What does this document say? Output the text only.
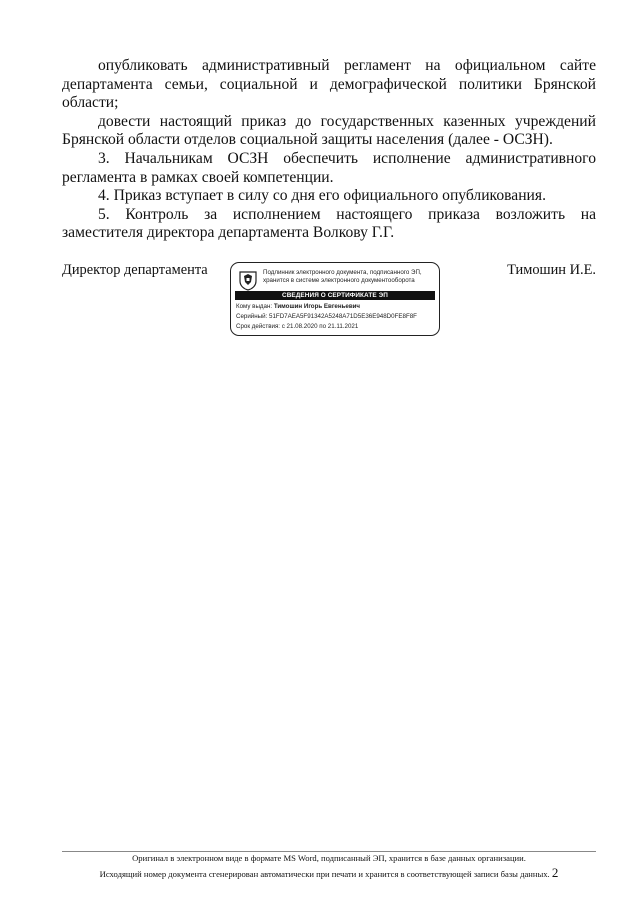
опубликовать административный регламент на официальном сайте департамента семьи, социальной и демографической политики Брянской области;

довести настоящий приказ до государственных казенных учреждений Брянской области отделов социальной защиты населения (далее - ОСЗН).

3. Начальникам ОСЗН обеспечить исполнение административного регламента в рамках своей компетенции.

4. Приказ вступает в силу со дня его официального опубликования.

5. Контроль за исполнением настоящего приказа возложить на заместителя директора департамента Волкову Г.Г.

Директор департамента	Тимошин И.Е.
Подлинник электронного документа, подписанного ЭП,
хранится в системе электронного документооборота
СВЕДЕНИЯ О СЕРТИФИКАТЕ ЭП
Кому выдан: Тимошин Игорь Евгеньевич
Серийный: 51FD7AEA5F91342A5248A71D5E36E948D0FE8F8F
Срок действия: с 21.08.2020 по 21.11.2021
Оригинал в электронном виде в формате MS Word, подписанный ЭП, хранится в базе данных организации.
Исходящий номер документа сгенерирован автоматически при печати и хранится в соответствующей записи базы данных. 2
